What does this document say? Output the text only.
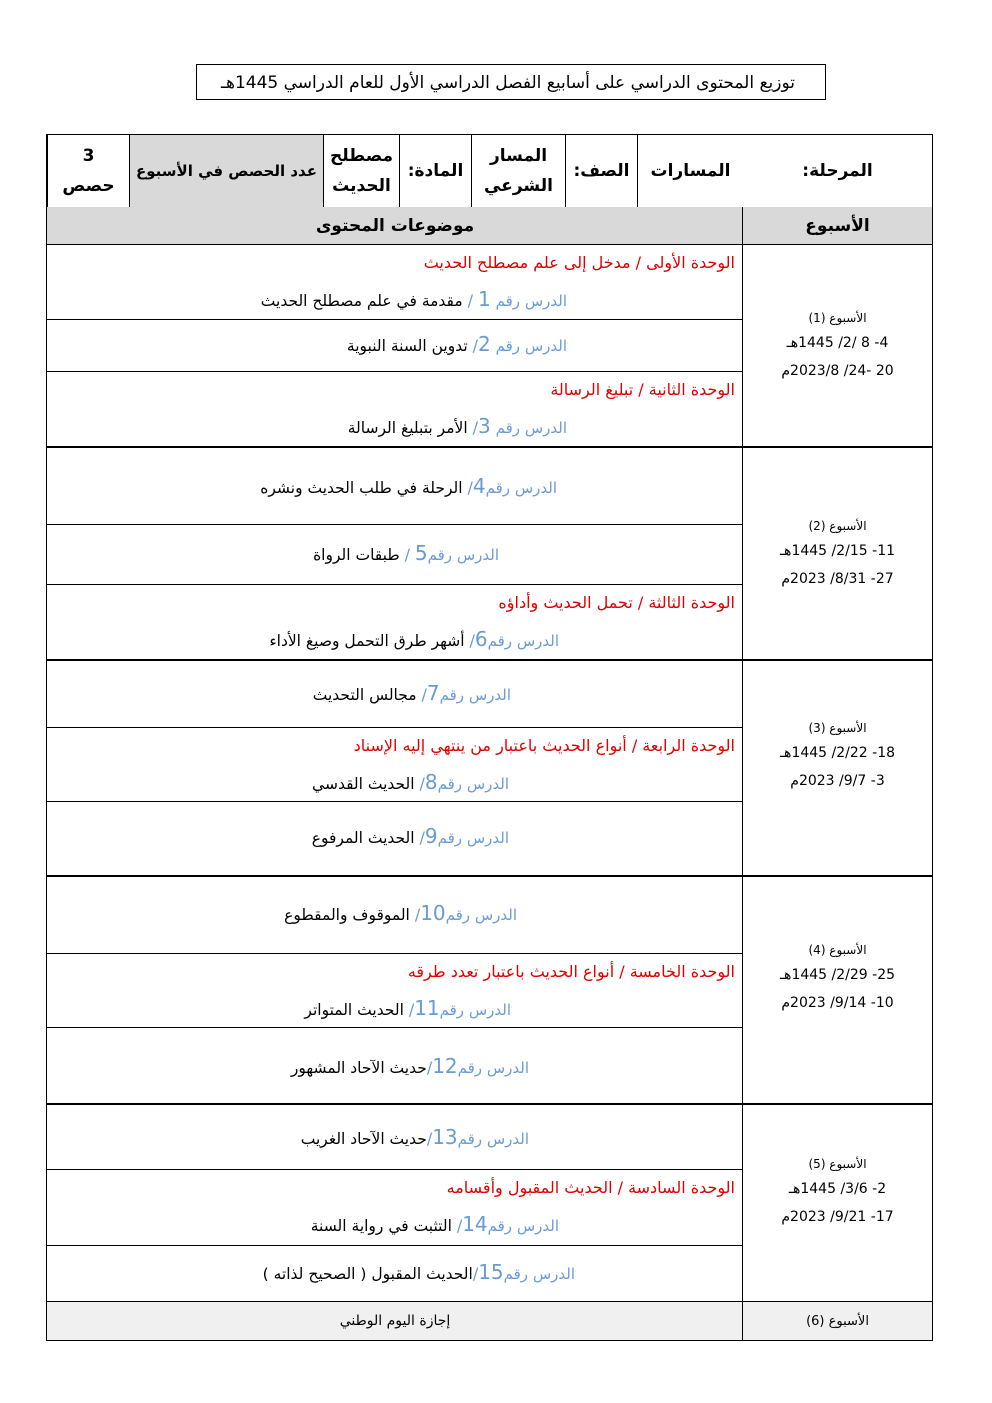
توزيع المحتوى الدراسي على أسابيع الفصل الدراسي الأول للعام الدراسي 1445هـ
المرحلة:
المسارات
الصف:
المسار
الشرعي
المادة:
مصطلح
الحديث
عدد الحصص في الأسبوع
3
حصص
الأسبوع
موضوعات المحتوى
الأسبوع (1)
4- 8 /2/ 1445هـ
20 -24/ 2023/8م
الوحدة الأولى / مدخل إلى علم مصطلح الحديث
الدرس رقم 1 / مقدمة في علم مصطلح الحديث
الدرس رقم 2/ تدوين السنة النبوية
الوحدة الثانية / تبليغ الرسالة
الدرس رقم 3/ الأمر بتبليغ الرسالة
الأسبوع (2)
11- 2/15/ 1445هـ
27- 8/31/ 2023م
الدرس رقم4/ الرحلة في طلب الحديث ونشره
الدرس رقم5 / طبقات الرواة
الوحدة الثالثة / تحمل الحديث وأداؤه
الدرس رقم6/ أشهر طرق التحمل وصيغ الأداء
الأسبوع (3)
18- 2/22/ 1445هـ
3- 9/7/ 2023م
الدرس رقم7/ مجالس التحديث
الوحدة الرابعة / أنواع الحديث باعتبار من ينتهي إليه الإسناد
الدرس رقم8/ الحديث القدسي
الدرس رقم9/ الحديث المرفوع
الأسبوع (4)
25- 2/29/ 1445هـ
10- 9/14/ 2023م
الدرس رقم10/ الموقوف والمقطوع
الوحدة الخامسة / أنواع الحديث باعتبار تعدد طرقه
الدرس رقم11/ الحديث المتواتر
الدرس رقم12/حديث الآحاد المشهور
الأسبوع (5)
2- 3/6/ 1445هـ
17- 9/21/ 2023م
الدرس رقم13/حديث الآحاد الغريب
الوحدة السادسة / الحديث المقبول وأقسامه
الدرس رقم14/ التثبت في رواية السنة
الدرس رقم15/الحديث المقبول ( الصحيح لذاته )
الأسبوع (6)
إجازة اليوم الوطني
